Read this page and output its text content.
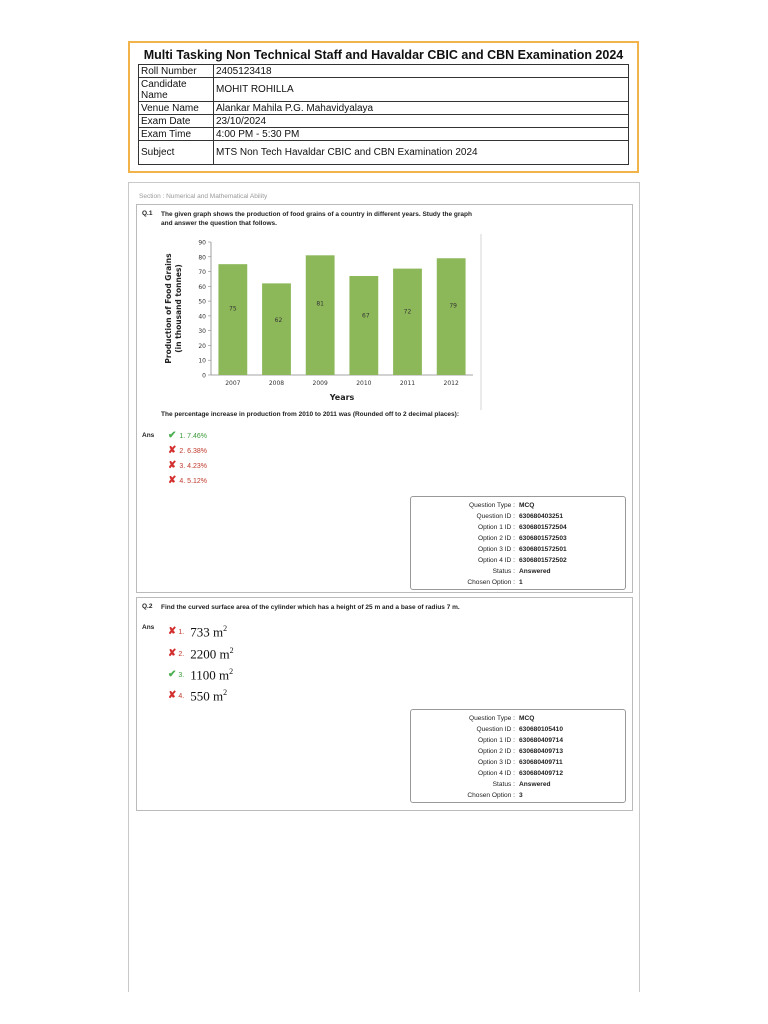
Multi Tasking Non Technical Staff and Havaldar CBIC and CBN Examination 2024
Roll Number	2405123418
Candidate Name	MOHIT ROHILLA
Venue Name	Alankar Mahila P.G. Mahavidyalaya
Exam Date	23/10/2024
Exam Time	4:00 PM - 5:30 PM
Subject	MTS Non Tech Havaldar CBIC and CBN Examination 2024
Section : Numerical and Mathematical Ability
Q.1 The given graph shows the production of food grains of a country in different years. Study the graph and answer the question that follows.
0
10
20
30
40
50
60
70
80
90
75
2007
62
2008
81
2009
67
2010
72
2011
79
2012
Years
Production of Food Grains (in thousand tonnes)
The percentage increase in production from 2010 to 2011 was (Rounded off to 2 decimal places):
Ans ✔ 1. 7.46%
✘ 2. 6.38%
✘ 3. 4.23%
✘ 4. 5.12%
Question Type : MCQ
Question ID : 630680403251
Option 1 ID : 6306801572504
Option 2 ID : 6306801572503
Option 3 ID : 6306801572501
Option 4 ID : 6306801572502
Status : Answered
Chosen Option : 1
Q.2 Find the curved surface area of the cylinder which has a height of 25 m and a base of radius 7 m.
Ans ✘ 1. 733 $m^2$
✘ 2. 2200 $m^2$
✔ 3. 1100 $m^2$
✘ 4. 550 $m^2$
Question Type : MCQ
Question ID : 630680105410
Option 1 ID : 630680409714
Option 2 ID : 630680409713
Option 3 ID : 630680409711
Option 4 ID : 630680409712
Status : Answered
Chosen Option : 3
